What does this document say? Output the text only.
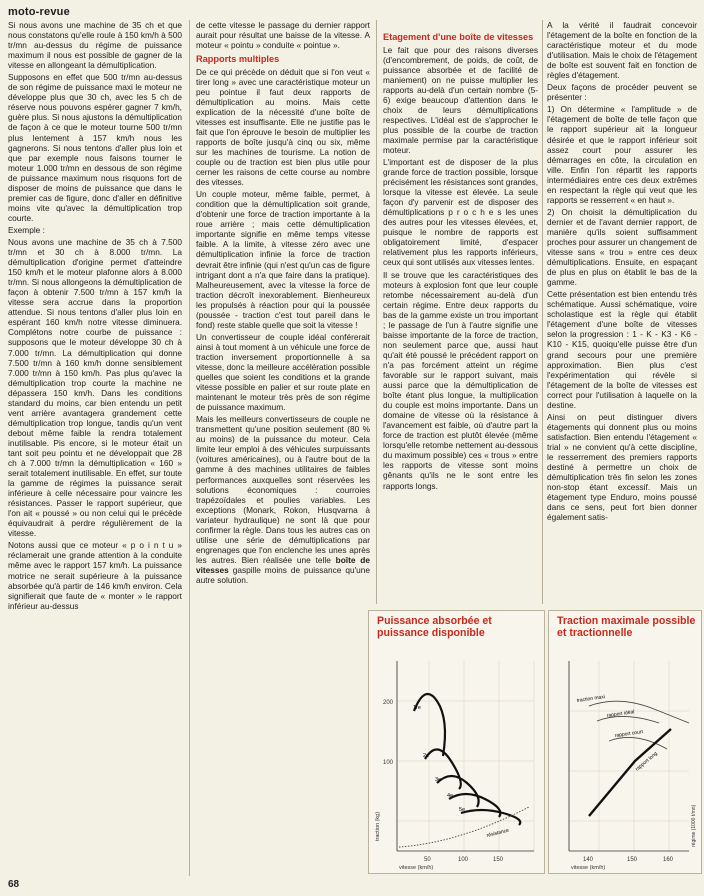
moto-revue

Si nous avons une machine de 35 ch et que nous constatons qu'elle roule à 150 km/h à 500 tr/mn au-dessus du régime de puissance maximum il nous est possible de gagner de la vitesse en allongeant la démultiplication.

Supposons en effet que 500 tr/mn au-dessus de son régime de puissance maxi le moteur ne développe plus que 30 ch, avec les 5 ch de réserve nous pouvons espérer gagner 7 km/h, guère plus. Si nous ajustons la démultiplication de façon à ce que le moteur tourne 500 tr/mn plus lentement à 157 km/h nous les gagnerons. Si nous tentons d'aller plus loin et que par exemple nous faisons tourner le moteur 1.000 tr/mn en dessous de son régime de puissance maximum nous risquons fort de disposer de moins de puissance que dans le premier cas de figure, donc d'aller en définitive moins vite qu'avec la démultiplication trop courte.

Exemple :

Nous avons une machine de 35 ch à 7.500 tr/mn et 30 ch à 8.000 tr/mn. La démultiplication d'origine permet d'atteindre 150 km/h et le moteur plafonne alors à 8.000 tr/mn. Si nous allongeons la démultiplication de façon à obtenir 7.500 tr/mn à 157 km/h la vitesse sera accrue dans la proportion attendue. Si nous tentons d'aller plus loin en espérant 160 km/h notre vitesse diminuera. Complétons notre courbe de puissance : supposons que le moteur développe 30 ch à 7.000 tr/mn. La démultiplication qui donne 7.500 tr/mn à 160 km/h donne sensiblement 7.000 tr/mn à 150 km/h. Pas plus qu'avec la démultiplication trop courte la machine ne dépassera 150 km/h. Dans les conditions standard du moins, car bien entendu un petit vent arrière avantagera grandement cette démultiplication trop longue, tandis qu'un vent debout même faible la rendra totalement inutilisable. Pis encore, si le moteur était un tant soit peu pointu et ne développait que 28 ch à 7.000 tr/mn la démultiplication « 160 » serait totalement inutilisable. En effet, sur toute la gamme de régimes la puissance serait inférieure à celle nécessaire pour vaincre les résistances. Passer le rapport supérieur, que l'on ait « poussé » ou non celui qui le précède équivaudrait à perdre régulièrement de la vitesse.

Notons aussi que ce moteur « p o i n t u » réclamerait une grande attention à la conduite même avec le rapport 157 km/h. La puissance motrice ne serait supérieure à la puissance absorbée qu'à partir de 146 km/h environ. Cela signifierait que faute de « monter » le rapport inférieur au-dessus

de cette vitesse le passage du dernier rapport aurait pour résultat une baisse de la vitesse. A moteur « pointu » conduite « pointue ».

Rapports multiples

De ce qui précède on déduit que si l'on veut « tirer long » avec une caractéristique moteur un peu pointue il faut deux rapports de démultiplication au moins. Mais cette explication de la nécessité d'une boîte de vitesses est insuffisante. Elle ne justifie pas le fait que l'on éprouve le besoin de multiplier les rapports de boîte jusqu'à cinq ou six, même sur les machines de tourisme. La notion de couple ou de traction est bien plus utile pour cerner les raisons de cette course au nombre des vitesses.

Un couple moteur, même faible, permet, à condition que la démultiplication soit grande, d'obtenir une force de traction importante à la roue arrière ; mais cette démultiplication importante signifie en même temps vitesse faible. A la limite, à vitesse zéro avec une démultiplication infinie la force de traction devrait être infinie (qui n'est qu'un cas de figure intrigant dont a n'a que faire dans la pratique). Malheureusement, avec la vitesse la force de traction décroît inexorablement. Bienheureux les propulsés à réaction pour qui la poussée (poussée - traction c'est tout pareil dans le fond) reste stable quelle que soit la vitesse !

Un convertisseur de couple idéal conférerait ainsi à tout moment à un véhicule une force de traction inversement proportionnelle à sa vitesse, donc la meilleure accélération possible quelles que soient les conditions et la grande vitesse possible en palier et sur route plate en maintenant le moteur très près de son régime de puissance maximum.

Mais les meilleurs convertisseurs de couple ne transmettent qu'une position seulement (80 % au moins) de la puissance du moteur. Cela limite leur emploi à des véhicules surpuissants (voitures américaines), ou à l'autre bout de la gamme à des machines utilitaires de faibles performances auxquelles sont réservées les solutions économiques : courroies trapézoïdales et poulies variables. Les exceptions (Monark, Rokon, Husqvarna à variateur hydraulique) ne sont là que pour confirmer la règle. Dans tous les autres cas on utilise une série de démultiplications par engrenages que l'on enclenche les unes après les autres. Bien réalisée une telle boîte de vitesses gaspille moins de puissance qu'une autre solution.

Etagement d'une boîte de vitesses

Le fait que pour des raisons diverses (d'encombrement, de poids, de coût, de puissance absorbée et de facilité de maniement) on ne puisse multiplier les rapports au-delà d'un certain nombre (5-6) exige beaucoup d'attention dans le choix de leurs démultiplications respectives. L'idéal est de s'approcher le plus possible de la courbe de traction maximale permise par la caractéristique moteur.

L'important est de disposer de la plus grande force de traction possible, lorsque précisément les résistances sont grandes, lorsque la vitesse est élevée. La seule façon d'y parvenir est de disposer des démultiplications p r o c h e s les unes des autres pour les vitesses élevées, et, puisque le nombre de rapports est obligatoirement limité, d'espacer relativement plus les rapports inférieurs, ceux qui sont utilisés aux vitesses lentes.

Il se trouve que les caractéristiques des moteurs à explosion font que leur couple retombe nécessairement au-delà d'un certain régime. Entre deux rapports du bas de la gamme existe un trou important ; le passage de l'un à l'autre signifie une baisse importante de la force de traction, non seulement parce que, aussi haut qu'ait été poussé le précédent rapport on n'a pas forcément atteint un régime favorable sur le rapport suivant, mais aussi parce que la démultiplication de boîte étant plus longue, la multiplication du couple est moins importante. Dans un domaine de vitesse où la résistance à l'avancement est faible, où d'autre part la force de traction est plutôt élevée (même lorsqu'elle retombe nettement au-dessous du maximum possible) ces « trous » entre les rapports de vitesse sont moins gênants qu'ils ne le sont entre les rapports longs.

A la vérité il faudrait concevoir l'étagement de la boîte en fonction de la caractéristique moteur et du mode d'utilisation. Mais le choix de l'étagement de boîte est souvent fait en fonction de règles d'étagement.

Deux façons de procéder peuvent se présenter :

1) On détermine « l'amplitude » de l'étagement de boîte de telle façon que le rapport supérieur ait la longueur désirée et que le rapport inférieur soit assez court pour assurer les démarrages en côte, la circulation en ville. Enfin l'on répartit les rapports intermédiaires entre ces deux extrêmes en respectant la règle qui veut que les rapports se resserrent « en haut ».

2) On choisit la démultiplication du dernier et de l'avant dernier rapport, de manière qu'ils soient suffisamment proches pour assurer un changement de vitesse sans « trou » entre ces deux démultiplications. Ensuite, en espaçant de plus en plus on établit le bas de la gamme.

Cette présentation est bien entendu très schématique. Aussi schématique, voire scholastique est la règle qui établit l'étagement d'une boîte de vitesses selon la progression : 1 - K - K3 - K6 - K10 - K15, quoiqu'elle puisse être d'un grand secours pour une première approximation. Bien plus c'est l'expérimentation qui révèle si l'étagement de la boîte de vitesses est correct pour l'utilisation à laquelle on la destine.

Ainsi on peut distinguer divers étagements qui donnent plus ou moins satisfaction. Bien entendu l'étagement « trial » ne convient qu'à cette discipline, le resserrement des premiers rapports destiné à permettre un choix de démultiplication très fin selon les zones non-stop étant excessif. Mais un étagement type Enduro, moins poussé dans ce sens, peut fort bien donner également satis-

Puissance absorbée et puissance disponible
200
100
50	100	150
vitesse (km/h)
traction (kg)
1re
2e
3e
4e
5e
résistance
Traction maximale possible et tractionnelle
traction maxi
rapport idéal
rapport court
rapport long
140	150	160
vitesse (km/h)
régime (1000 t/mn)
68
